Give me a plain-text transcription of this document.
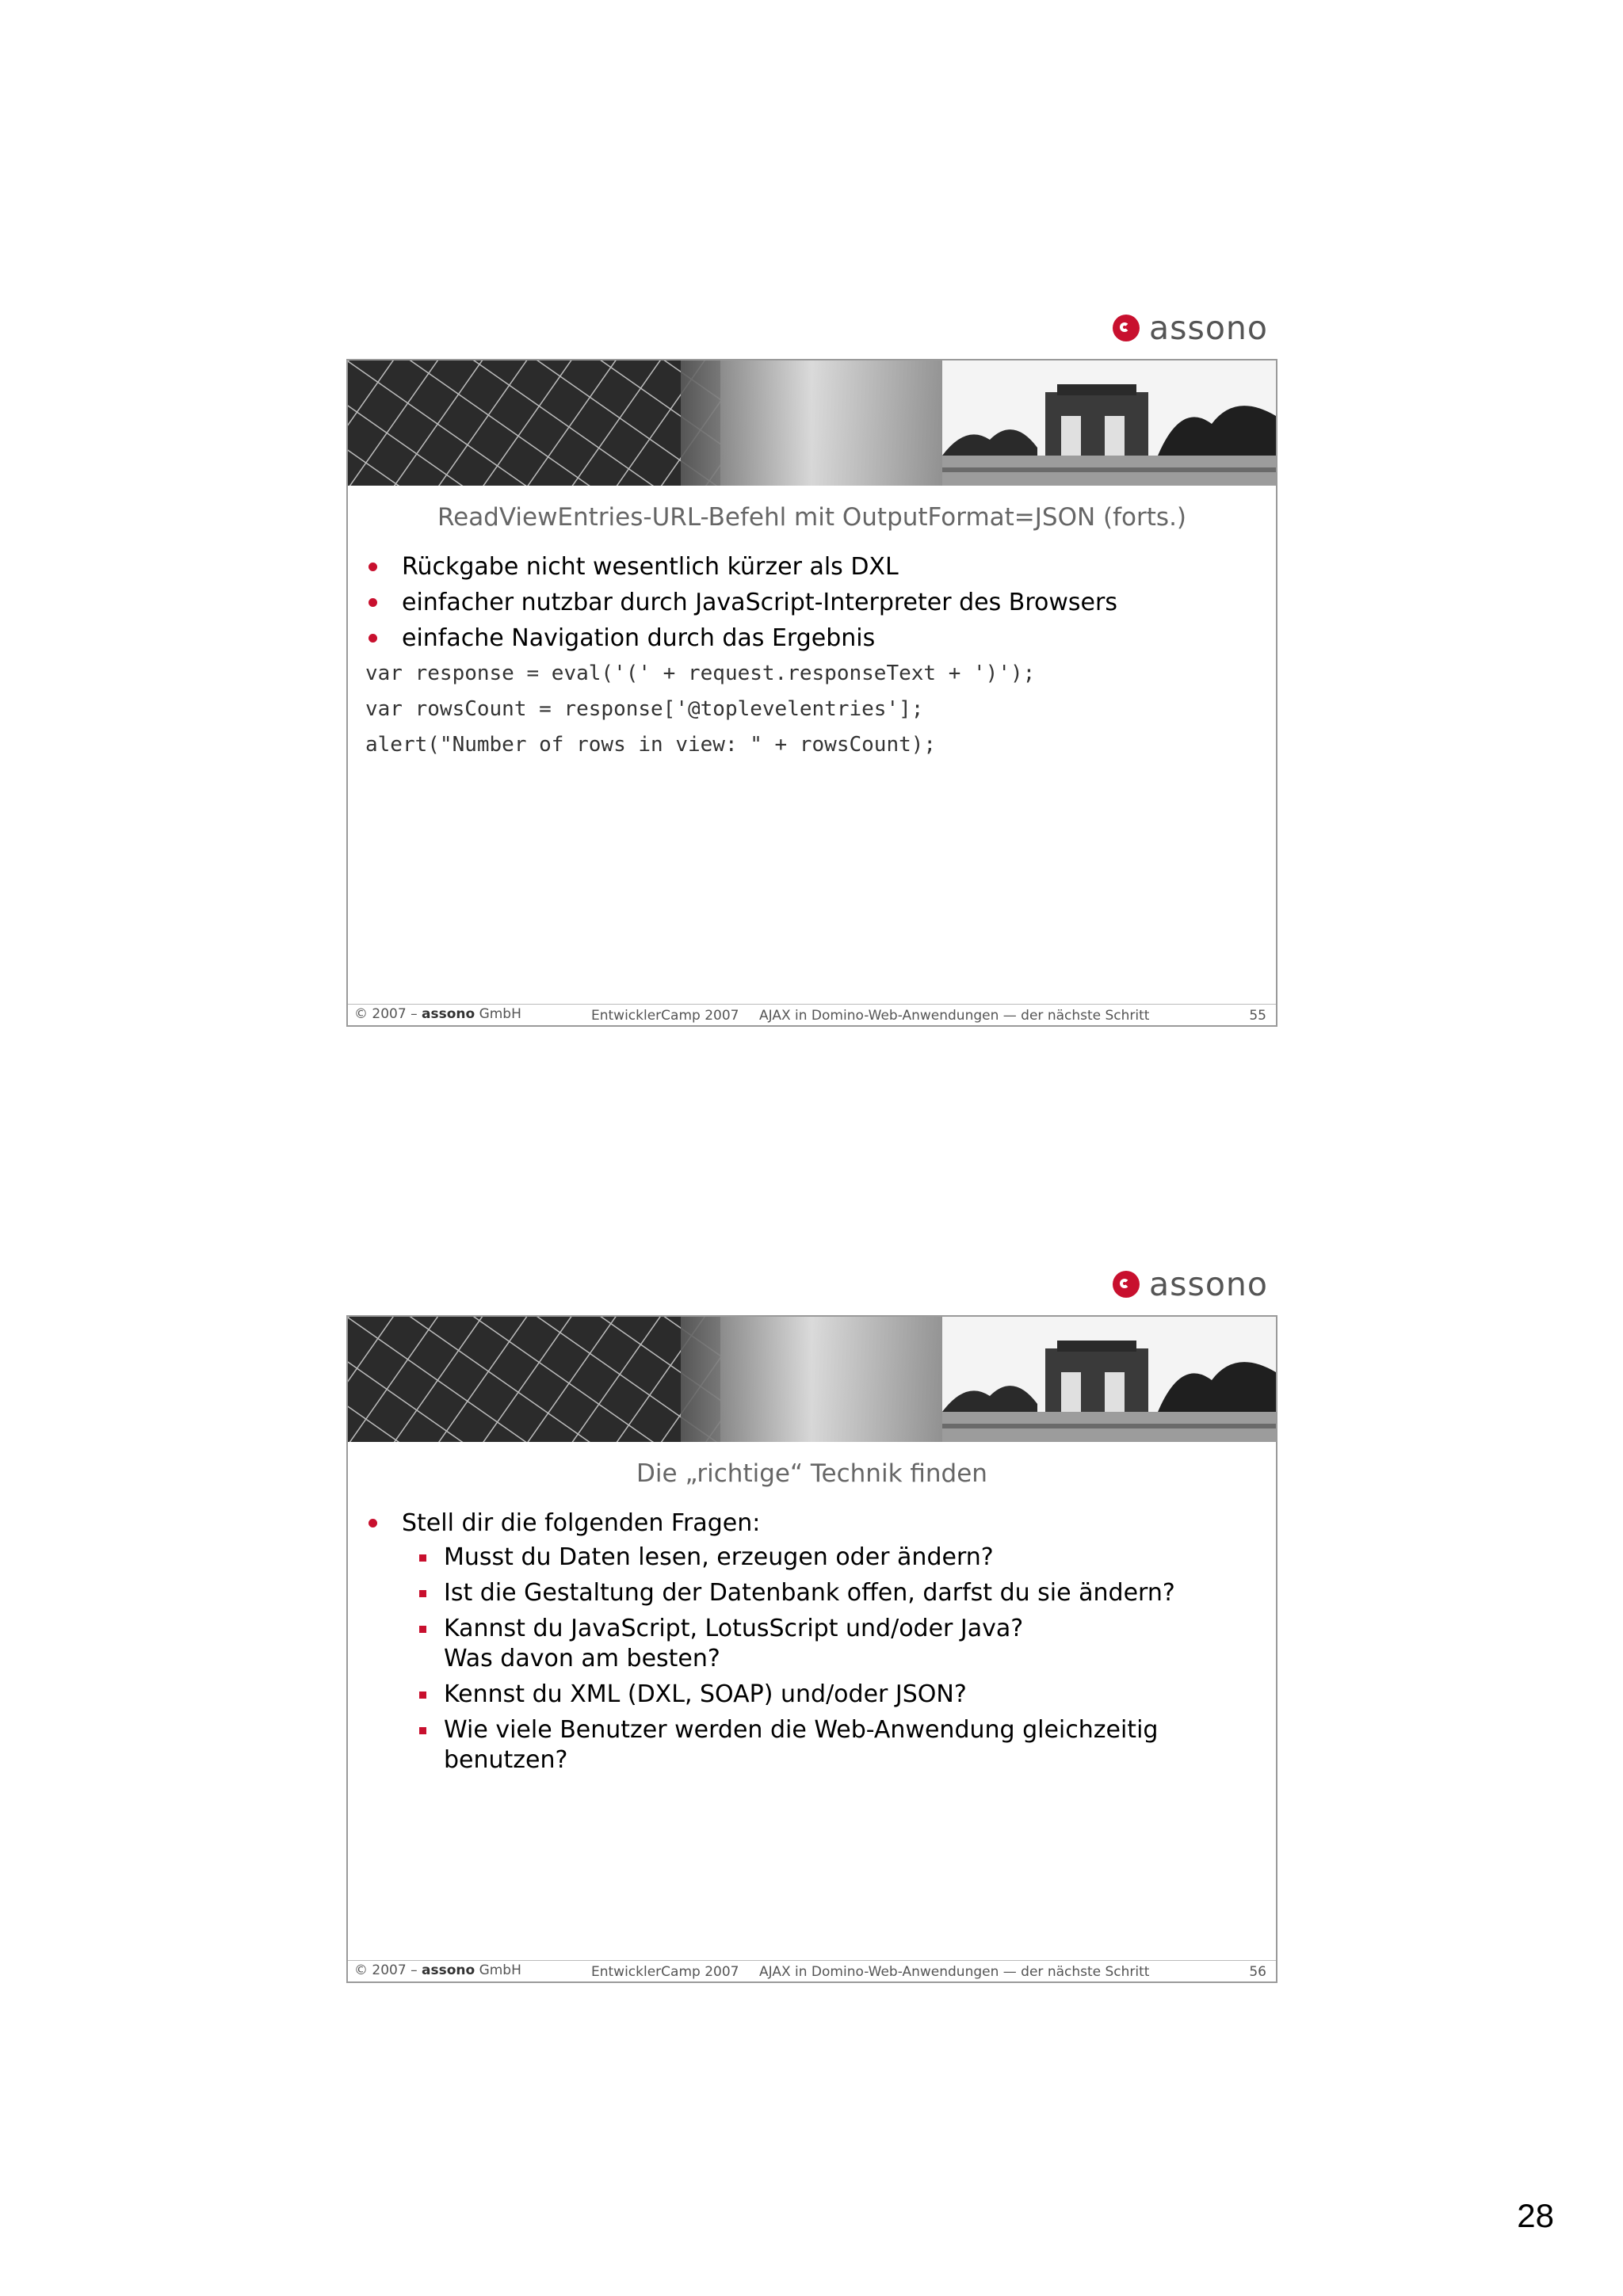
assono
ReadViewEntries-URL-Befehl mit OutputFormat=JSON (forts.)

Rückgabe nicht wesentlich kürzer als DXL

einfacher nutzbar durch JavaScript-Interpreter des Browsers

einfache Navigation durch das Ergebnis

var response = eval('(' + request.responseText + ')');

var rowsCount = response['@toplevelentries'];

alert("Number of rows in view: " + rowsCount);

© 2007 – assono GmbH	EntwicklerCamp 2007 AJAX in Domino-Web-Anwendungen — der nächste Schritt	55
assono
Die „richtige“ Technik finden

Stell dir die folgenden Fragen:

Musst du Daten lesen, erzeugen oder ändern?

Ist die Gestaltung der Datenbank offen, darfst du sie ändern?

Kannst du JavaScript, LotusScript und/oder Java?
Was davon am besten?

Kennst du XML (DXL, SOAP) und/oder JSON?

Wie viele Benutzer werden die Web-Anwendung gleichzeitig
benutzen?

© 2007 – assono GmbH	EntwicklerCamp 2007 AJAX in Domino-Web-Anwendungen — der nächste Schritt	56
28
